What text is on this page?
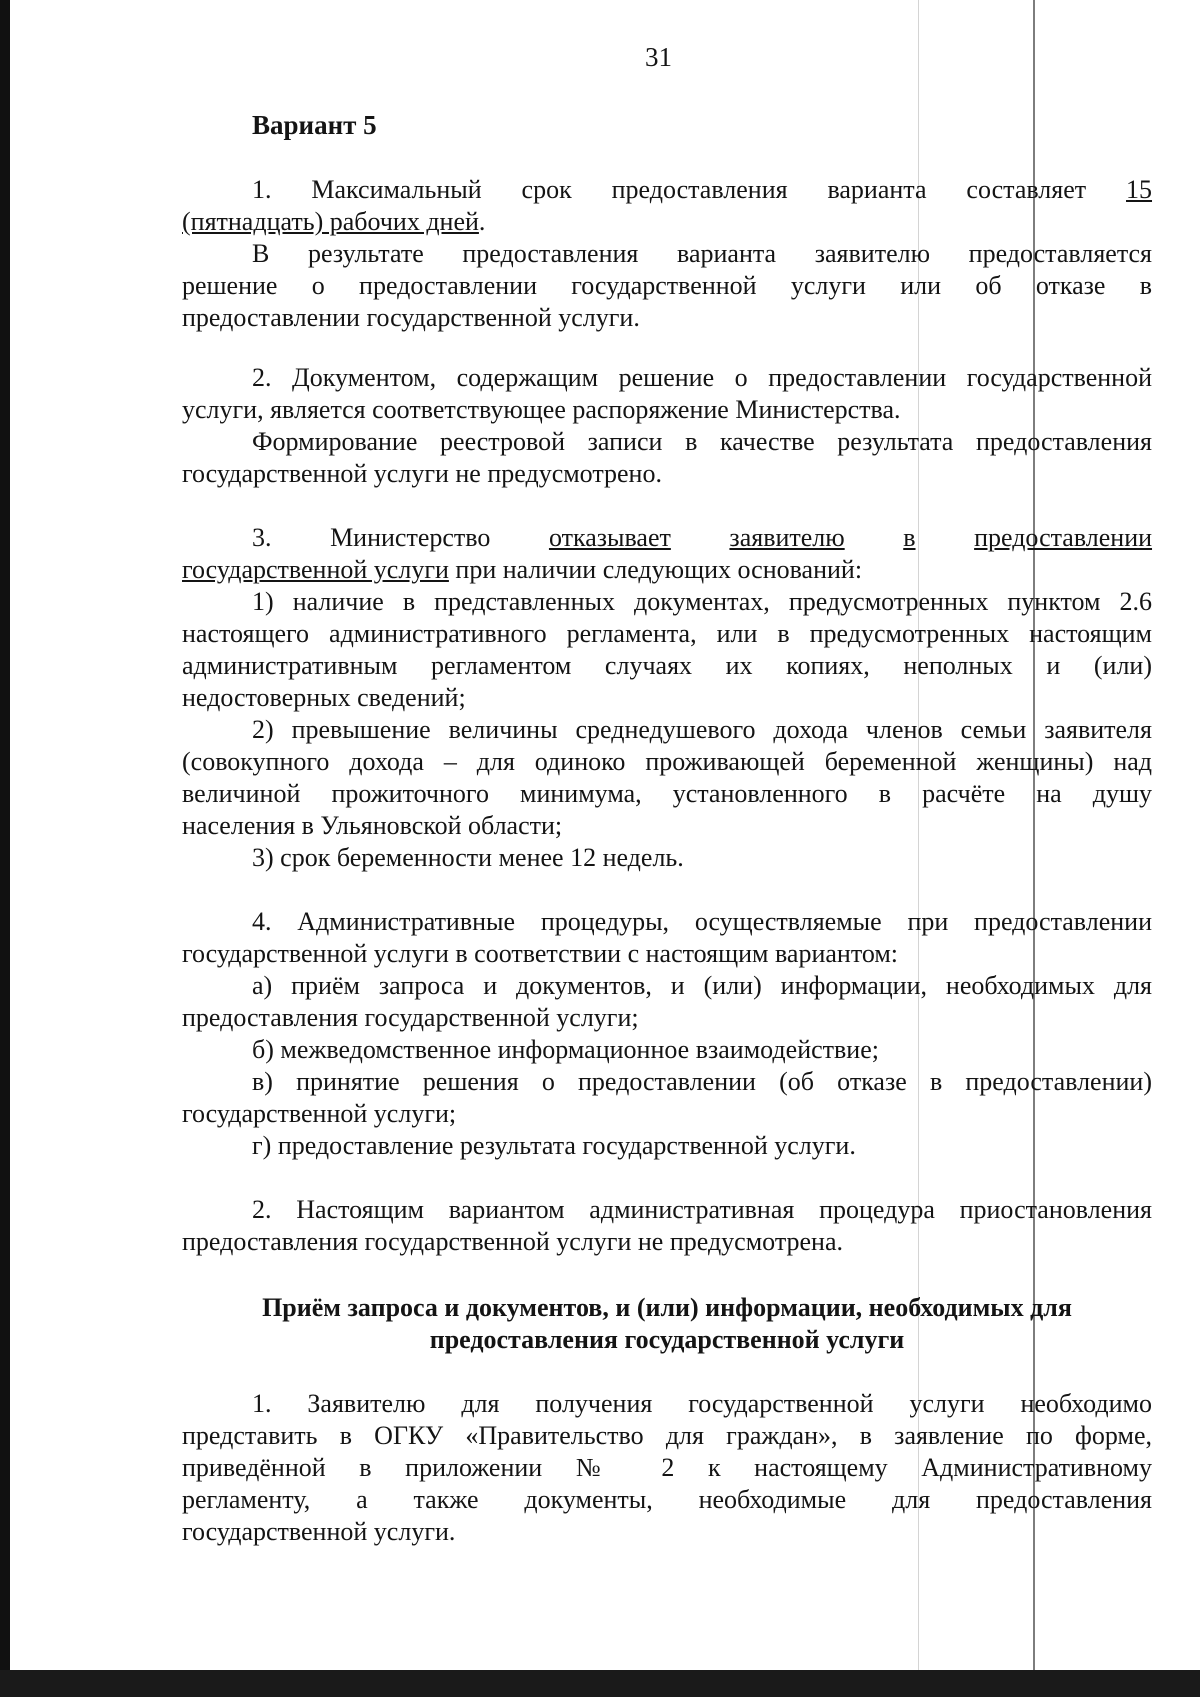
31
Вариант 5
1. Максимальный срок предоставления варианта составляет 15
(пятнадцать) рабочих дней.
В результате предоставления варианта заявителю предоставляется
решение о предоставлении государственной услуги или об отказе в
предоставлении государственной услуги.
2. Документом, содержащим решение о предоставлении государственной
услуги, является соответствующее распоряжение Министерства.
Формирование реестровой записи в качестве результата предоставления
государственной услуги не предусмотрено.
3. Министерство отказывает заявителю в предоставлении
государственной услуги при наличии следующих оснований:
1) наличие в представленных документах, предусмотренных пунктом 2.6
настоящего административного регламента, или в предусмотренных настоящим
административным регламентом случаях их копиях, неполных и (или)
недостоверных сведений;
2) превышение величины среднедушевого дохода членов семьи заявителя
(совокупного дохода – для одиноко проживающей беременной женщины) над
величиной прожиточного минимума, установленного в расчёте на душу
населения в Ульяновской области;
3) срок беременности менее 12 недель.
4. Административные процедуры, осуществляемые при предоставлении
государственной услуги в соответствии с настоящим вариантом:
а) приём запроса и документов, и (или) информации, необходимых для
предоставления государственной услуги;
б) межведомственное информационное взаимодействие;
в) принятие решения о предоставлении (об отказе в предоставлении)
государственной услуги;
г) предоставление результата государственной услуги.
2. Настоящим вариантом административная процедура приостановления
предоставления государственной услуги не предусмотрена.
Приём запроса и документов, и (или) информации, необходимых для
предоставления государственной услуги
1. Заявителю для получения государственной услуги необходимо
представить в ОГКУ «Правительство для граждан», в заявление по форме,
приведённой в приложении № 2 к настоящему Административному
регламенту, а также документы, необходимые для предоставления
государственной услуги.
